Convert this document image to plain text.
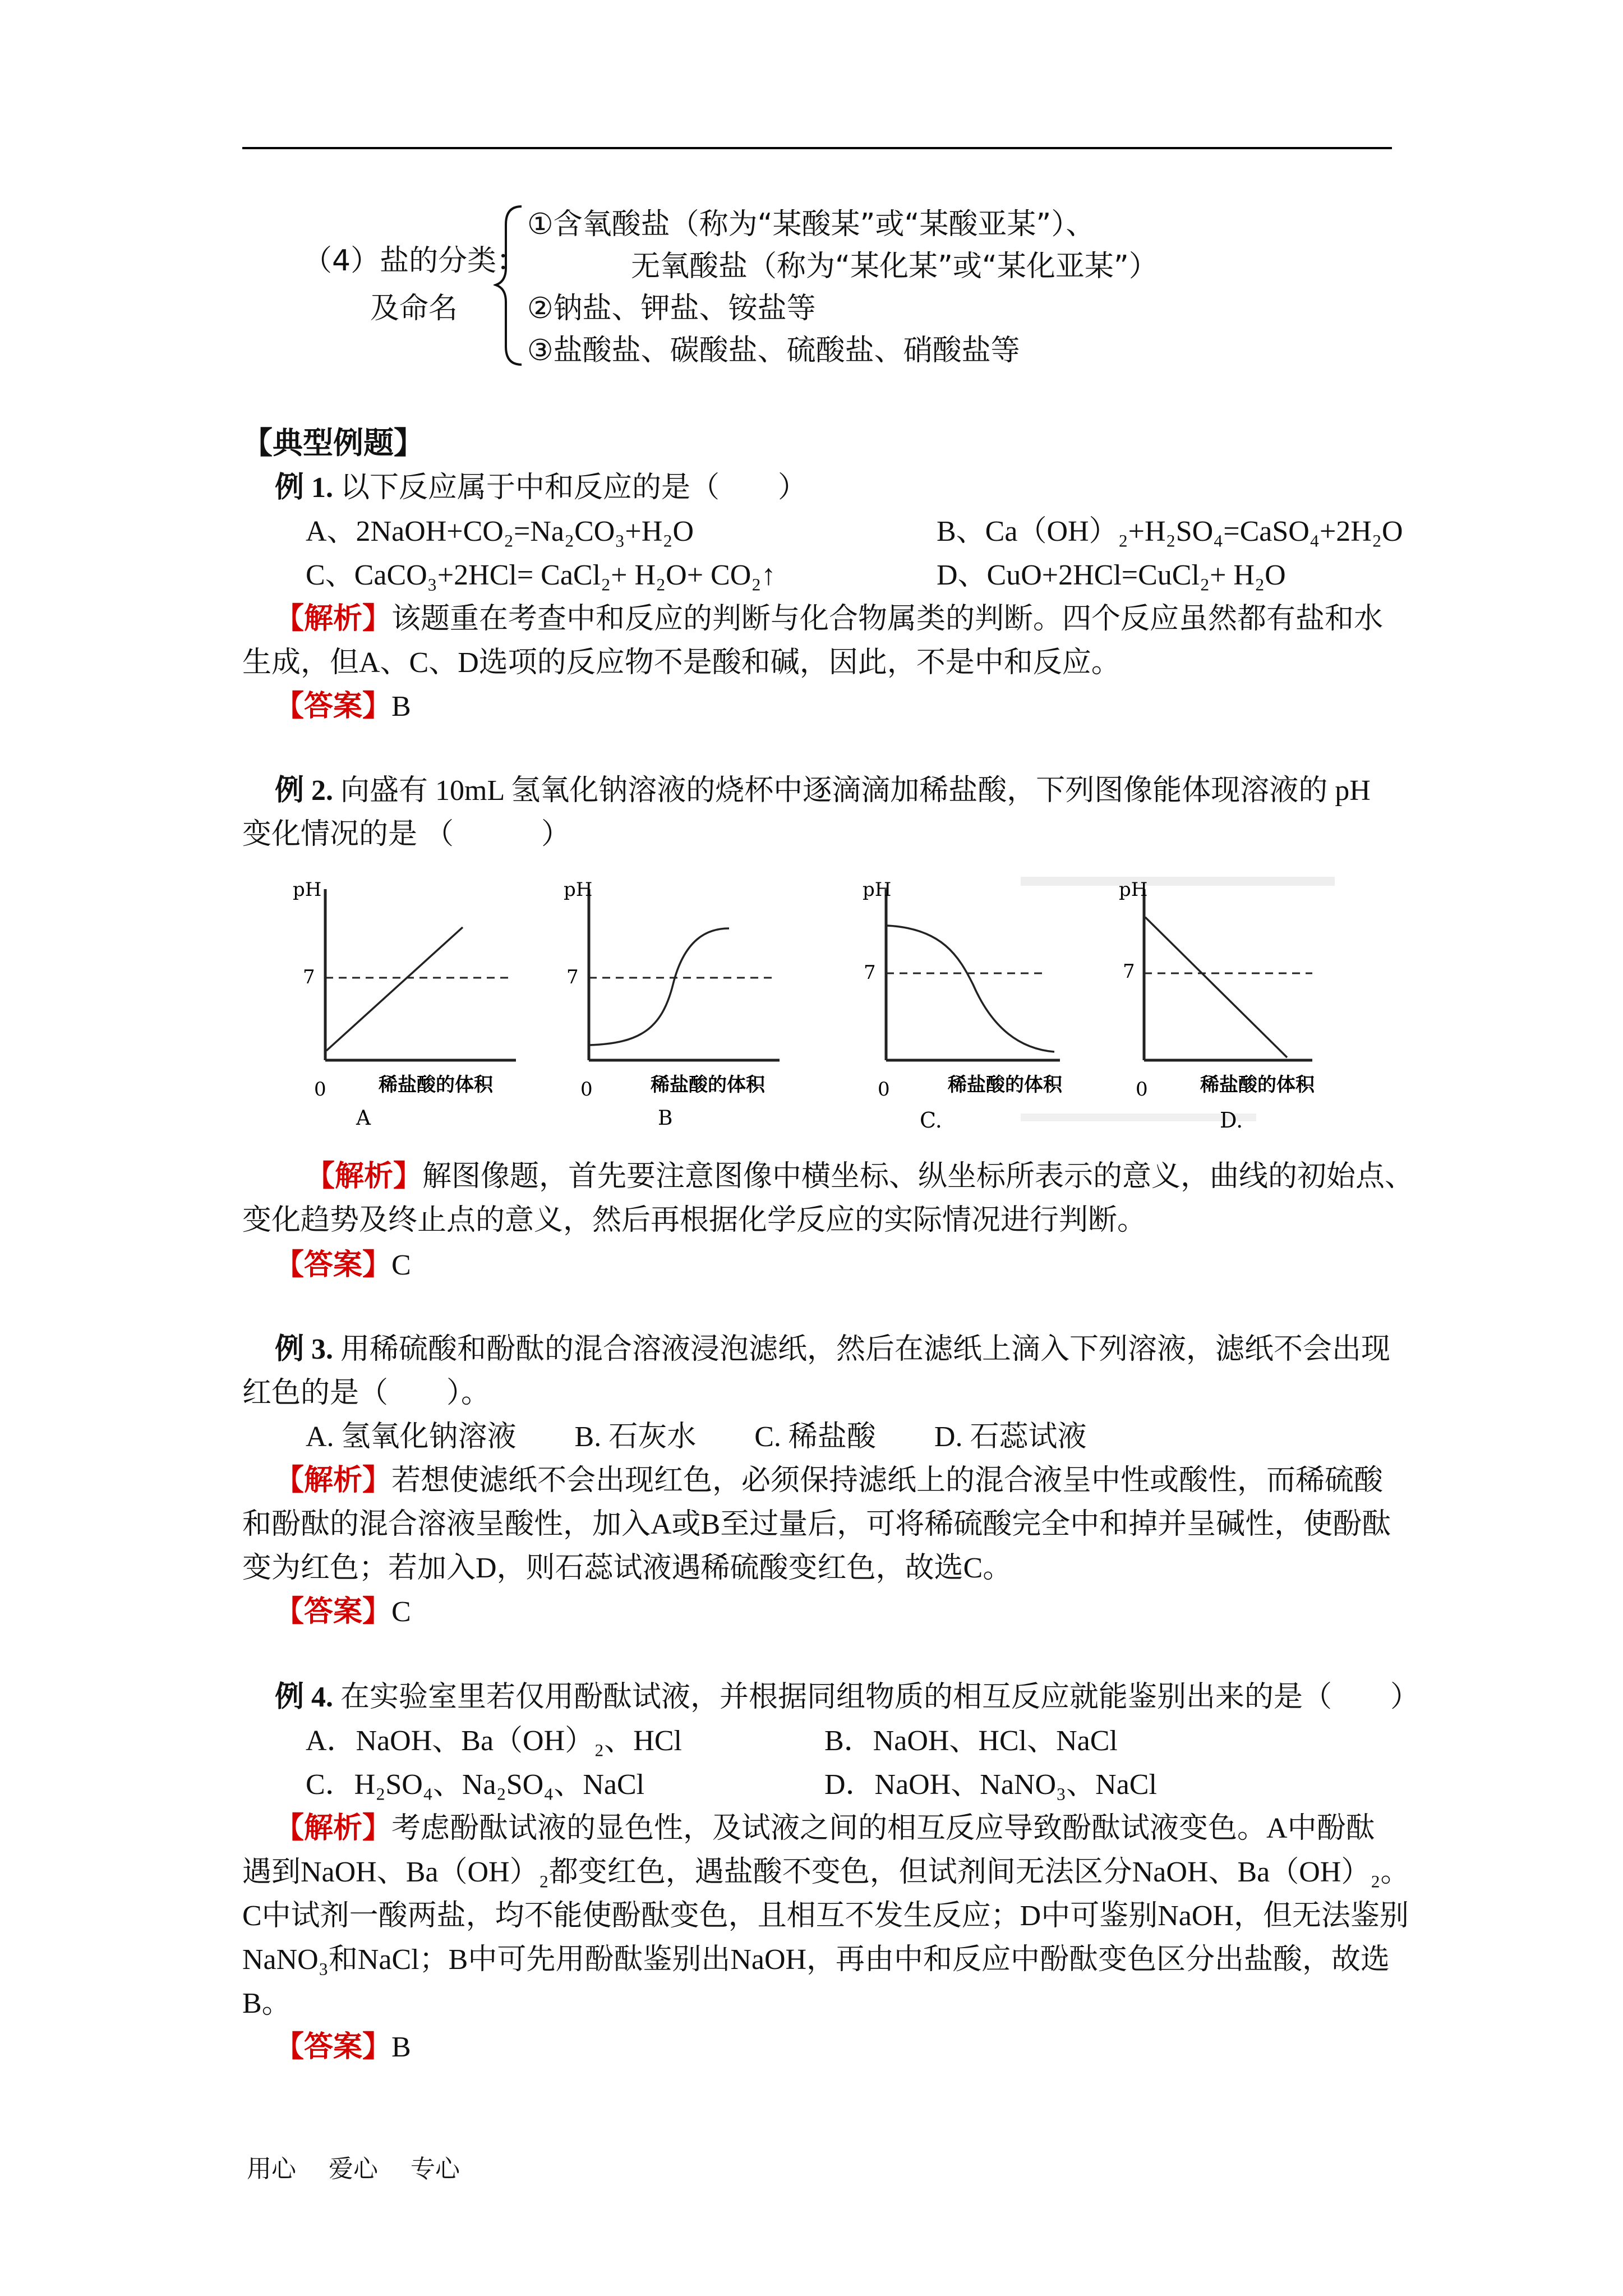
（4）盐的分类：
及命名
①含氧酸盐（称为“某酸某”或“某酸亚某”）、
无氧酸盐（称为“某化某”或“某化亚某”）
②钠盐、钾盐、铵盐等
③盐酸盐、碳酸盐、硫酸盐、硝酸盐等
【典型例题】
例 1. 以下反应属于中和反应的是（　　）
A、2NaOH+CO₂=Na₂CO₃+H₂O	B、Ca（OH）₂+H₂SO₄=CaSO₄+2H₂O
C、CaCO₃+2HCl= CaCl₂+ H₂O+ CO₂↑	D、CuO+2HCl=CuCl₂+ H₂O
【解析】该题重在考查中和反应的判断与化合物属类的判断。四个反应虽然都有盐和水
生成，但A、C、D选项的反应物不是酸和碱，因此，不是中和反应。
【答案】B
例 2. 向盛有 10mL 氢氧化钠溶液的烧杯中逐滴滴加稀盐酸，下列图像能体现溶液的 pH
变化情况的是 （　　　）
pH
7
0	稀盐酸的体积
A
pH
7
0	稀盐酸的体积
B
pH
7
0	稀盐酸的体积
C.
pH
7
0	稀盐酸的体积
D.
【解析】解图像题，首先要注意图像中横坐标、纵坐标所表示的意义，曲线的初始点、
变化趋势及终止点的意义，然后再根据化学反应的实际情况进行判断。
【答案】C
例 3. 用稀硫酸和酚酞的混合溶液浸泡滤纸，然后在滤纸上滴入下列溶液，滤纸不会出现
红色的是（　　）。
A. 氢氧化钠溶液　　B. 石灰水　　C. 稀盐酸　　D. 石蕊试液
【解析】若想使滤纸不会出现红色，必须保持滤纸上的混合液呈中性或酸性，而稀硫酸
和酚酞的混合溶液呈酸性，加入A或B至过量后，可将稀硫酸完全中和掉并呈碱性，使酚酞
变为红色；若加入D，则石蕊试液遇稀硫酸变红色，故选C。
【答案】C
例 4. 在实验室里若仅用酚酞试液，并根据同组物质的相互反应就能鉴别出来的是（　　）
A．NaOH、Ba（OH）₂、HCl	B．NaOH、HCl、NaCl
C．H₂SO₄、Na₂SO₄、NaCl	D．NaOH、NaNO₃、NaCl
【解析】考虑酚酞试液的显色性，及试液之间的相互反应导致酚酞试液变色。A中酚酞
遇到NaOH、Ba（OH）₂都变红色，遇盐酸不变色，但试剂间无法区分NaOH、Ba（OH）₂。
C中试剂一酸两盐，均不能使酚酞变色，且相互不发生反应；D中可鉴别NaOH，但无法鉴别
NaNO₃和NaCl；B中可先用酚酞鉴别出NaOH，再由中和反应中酚酞变色区分出盐酸，故选
B。
【答案】B
用心　 爱心　 专心
